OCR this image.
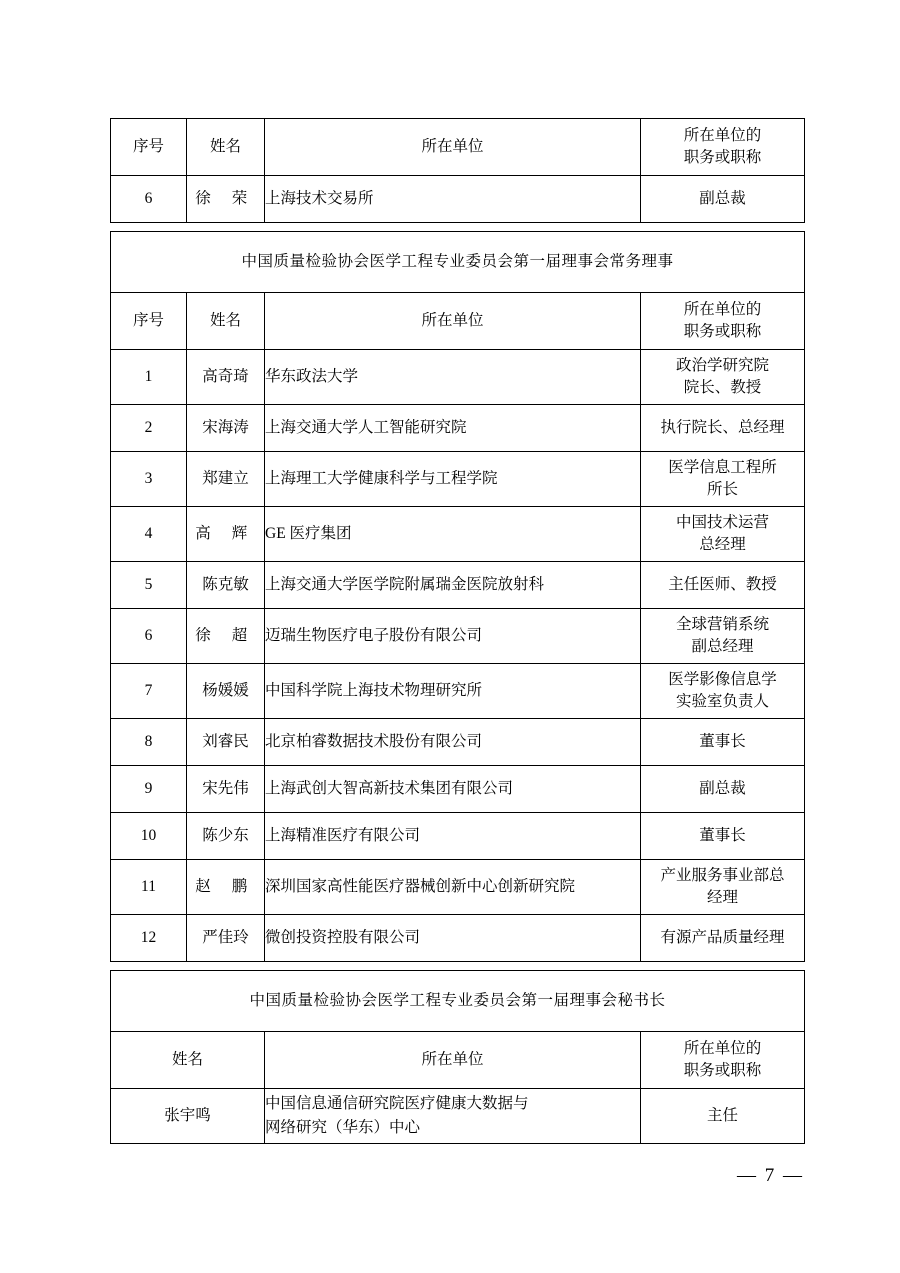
序号	姓名	所在单位	所在单位的
职务或职称

6	徐 荣	上海技术交易所	副总裁
中国质量检验协会医学工程专业委员会第一届理事会常务理事			
序号	姓名	所在单位	所在单位的
职务或职称

1	高奇琦	华东政法大学	政治学研究院
院长、教授

2	宋海涛	上海交通大学人工智能研究院	执行院长、总经理

3	郑建立	上海理工大学健康科学与工程学院	医学信息工程所
所长

4	高 辉	GE 医疗集团	中国技术运营
总经理

5	陈克敏	上海交通大学医学院附属瑞金医院放射科	主任医师、教授

6	徐 超	迈瑞生物医疗电子股份有限公司	全球营销系统
副总经理

7	杨媛媛	中国科学院上海技术物理研究所	医学影像信息学
实验室负责人

8	刘睿民	北京柏睿数据技术股份有限公司	董事长

9	宋先伟	上海武创大智高新技术集团有限公司	副总裁

10	陈少东	上海精准医疗有限公司	董事长

11	赵 鹏	深圳国家高性能医疗器械创新中心创新研究院	产业服务事业部总
经理

12	严佳玲	微创投资控股有限公司	有源产品质量经理
中国质量检验协会医学工程专业委员会第一届理事会秘书长		
姓名	所在单位	所在单位的
职务或职称

张宇鸣	中国信息通信研究院医疗健康大数据与
网络研究（华东）中心	主任
— 7 —
